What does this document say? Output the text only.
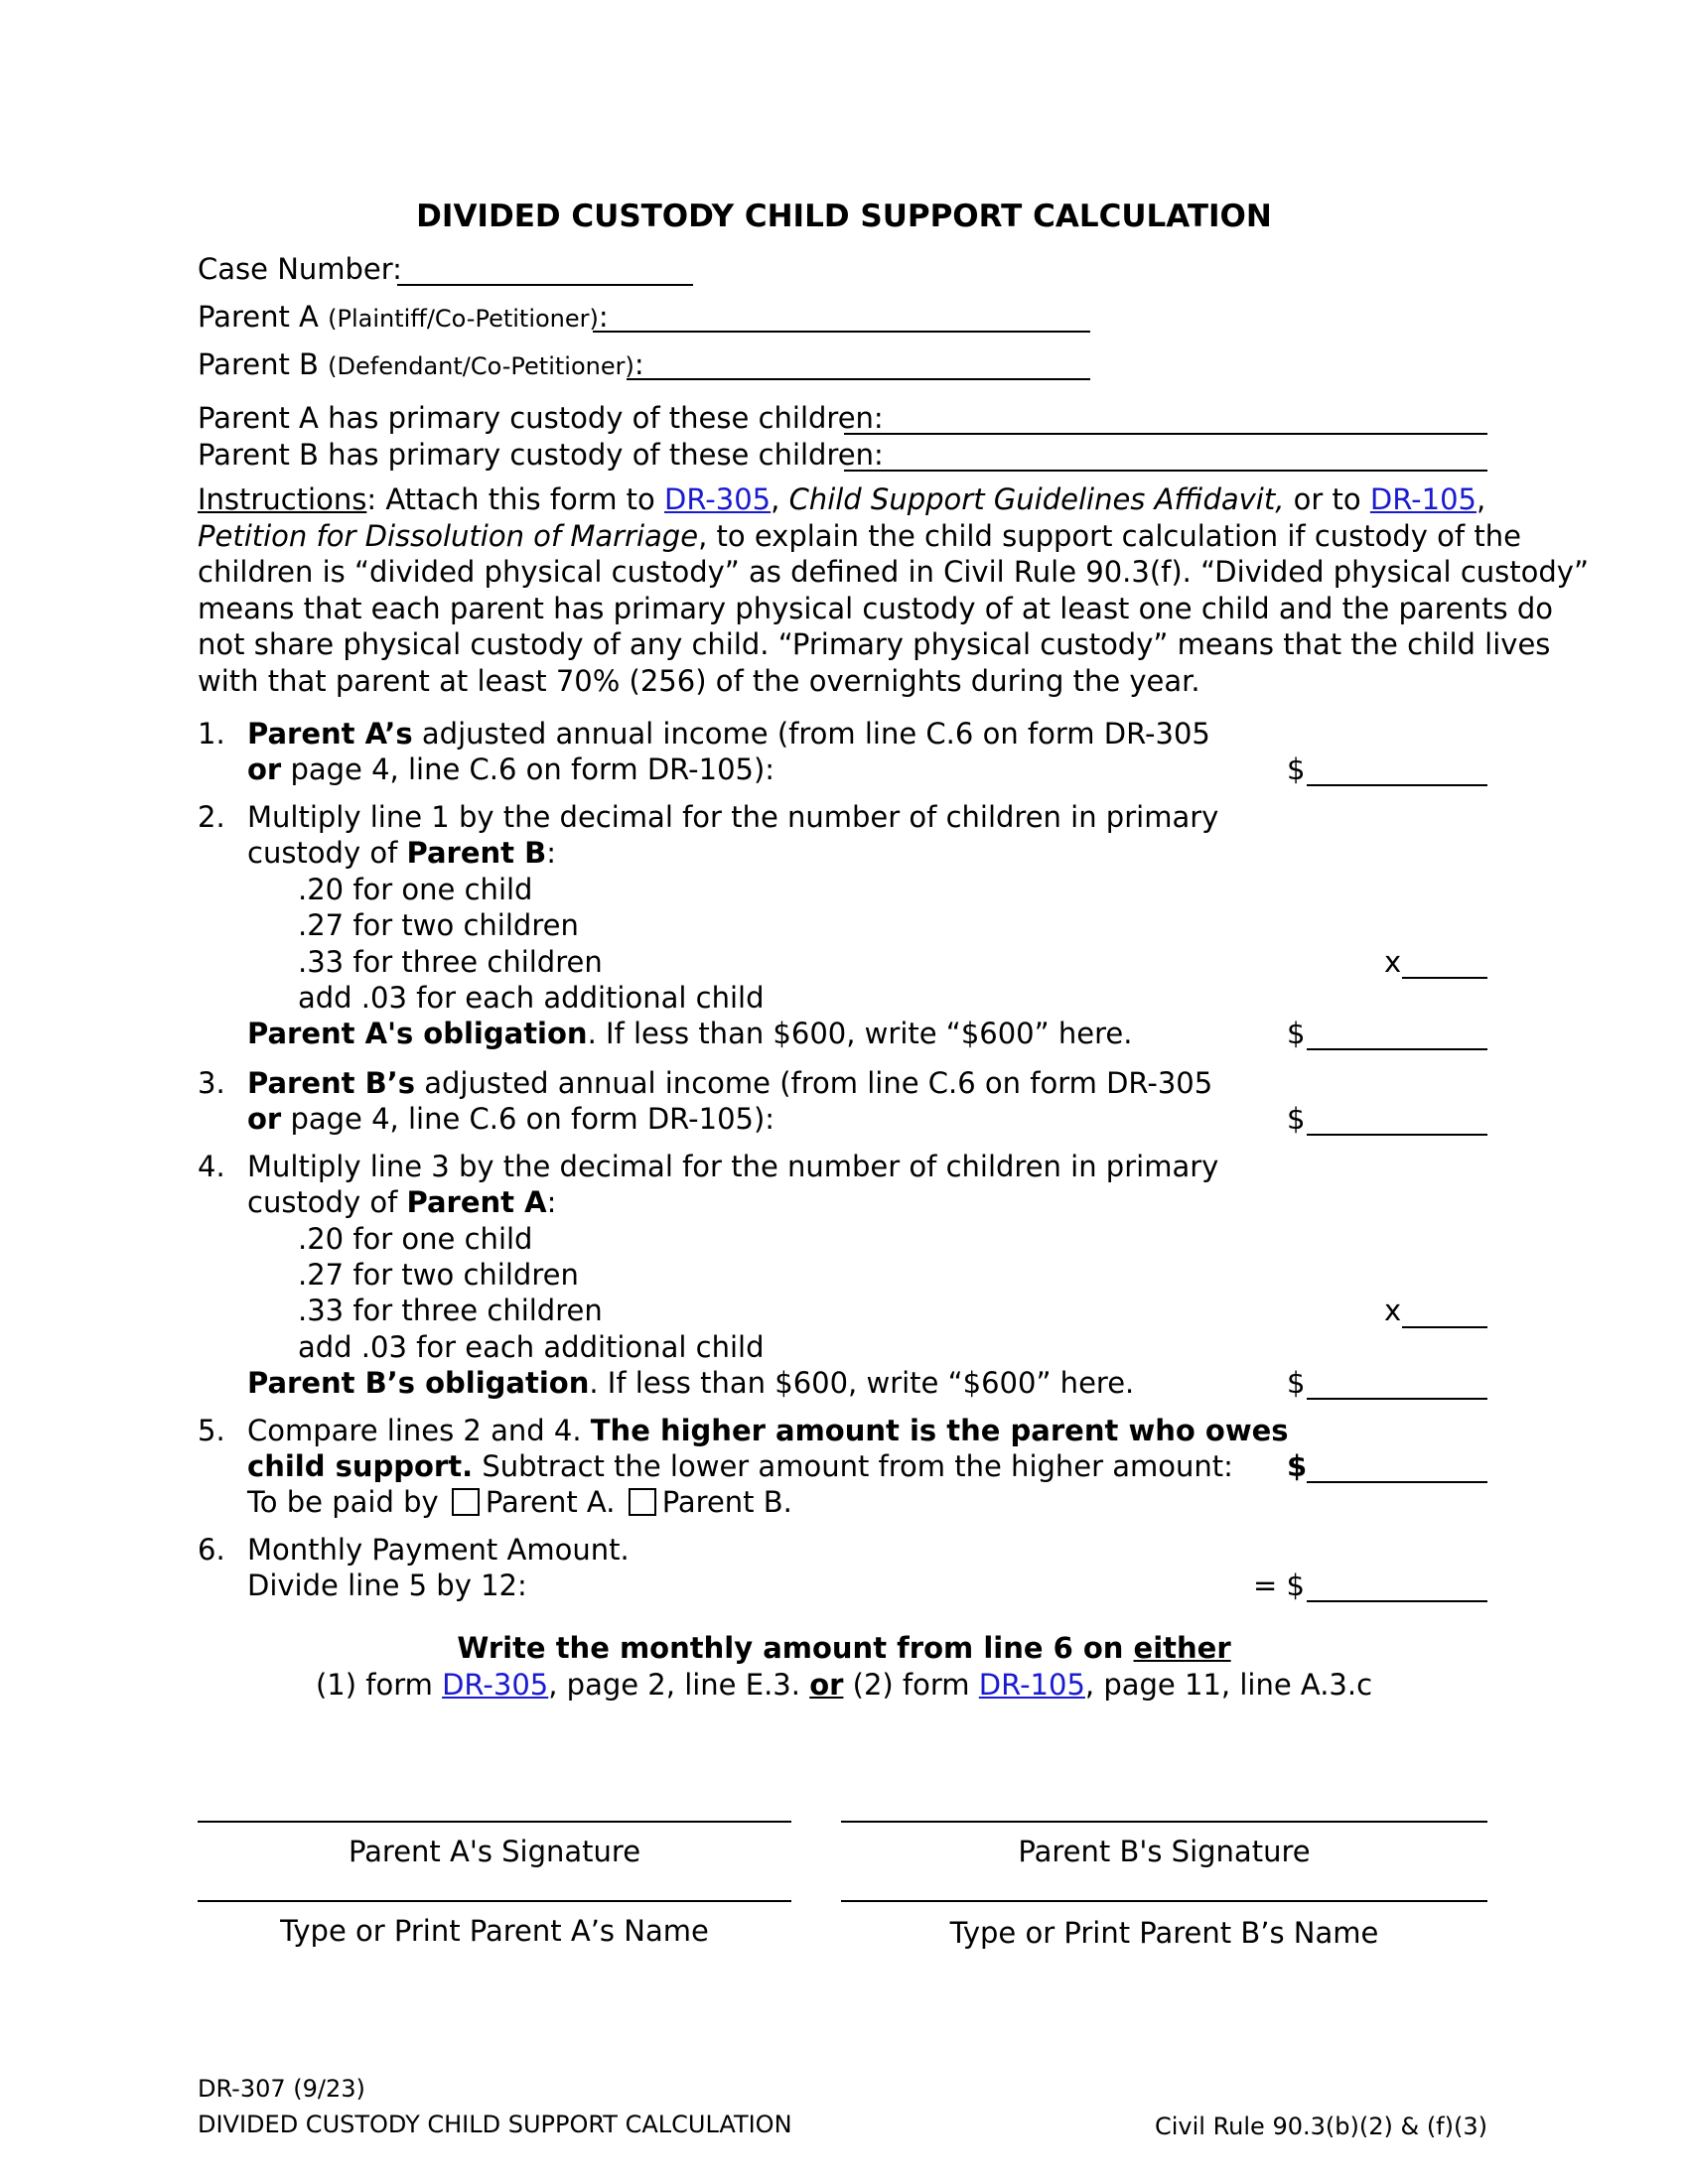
DIVIDED CUSTODY CHILD SUPPORT CALCULATION
Case Number:
Parent A (Plaintiff/Co-Petitioner):
Parent B (Defendant/Co-Petitioner):
Parent A has primary custody of these children:
Parent B has primary custody of these children:
Instructions: Attach this form to DR-305, Child Support Guidelines Affidavit, or to DR-105,
Petition for Dissolution of Marriage, to explain the child support calculation if custody of the
children is “divided physical custody” as defined in Civil Rule 90.3(f). “Divided physical custody”
means that each parent has primary physical custody of at least one child and the parents do
not share physical custody of any child. “Primary physical custody” means that the child lives
with that parent at least 70% (256) of the overnights during the year.
1. Parent A’s adjusted annual income (from line C.6 on form DR-305
or page 4, line C.6 on form DR-105):	$
2. Multiply line 1 by the decimal for the number of children in primary
custody of Parent B:
.20 for one child
.27 for two children
.33 for three children	x
add .03 for each additional child
Parent A's obligation. If less than $600, write “$600” here.	$
3. Parent B’s adjusted annual income (from line C.6 on form DR-305
or page 4, line C.6 on form DR-105):	$
4. Multiply line 3 by the decimal for the number of children in primary
custody of Parent A:
.20 for one child
.27 for two children
.33 for three children	x
add .03 for each additional child
Parent B’s obligation. If less than $600, write “$600” here.	$
5. Compare lines 2 and 4. The higher amount is the parent who owes
child support. Subtract the lower amount from the higher amount: $
To be paid by Parent A. Parent B.
6. Monthly Payment Amount.
Divide line 5 by 12:	= $
Write the monthly amount from line 6 on either
(1) form DR-305, page 2, line E.3. or (2) form DR-105, page 11, line A.3.c
Parent A's Signature	Parent B's Signature
Type or Print Parent A’s Name	Type or Print Parent B’s Name
DR-307 (9/23)
DIVIDED CUSTODY CHILD SUPPORT CALCULATION	Civil Rule 90.3(b)(2) & (f)(3)
